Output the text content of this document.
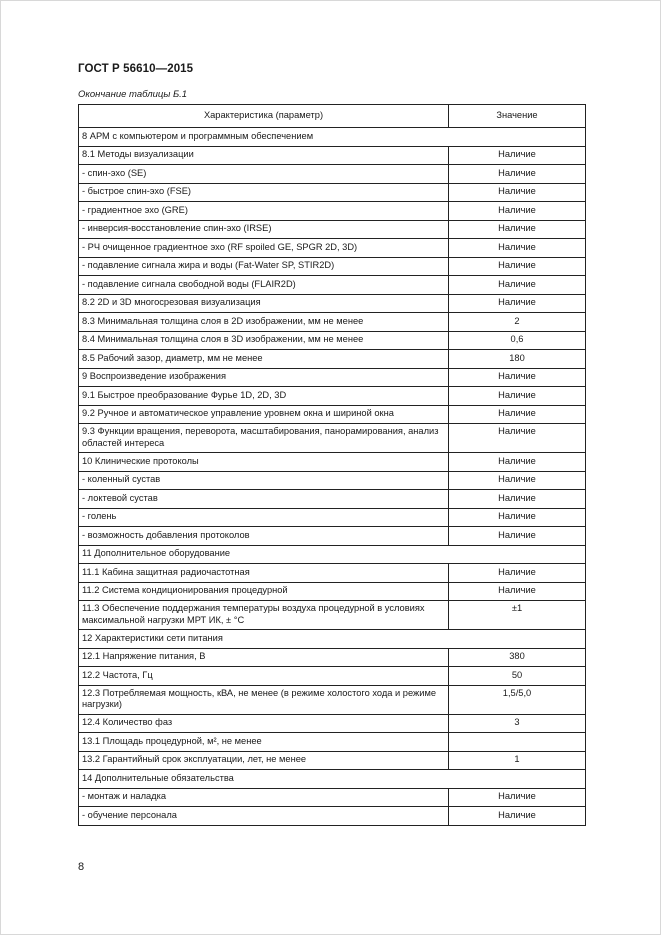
ГОСТ Р 56610—2015
Окончание таблицы Б.1
Характеристика (параметр)	Значение
8 АРМ с компьютером и программным обеспечением	
8.1 Методы визуализации	Наличие
- спин-эхо (SE)	Наличие
- быстрое спин-эхо (FSE)	Наличие
- градиентное эхо (GRE)	Наличие
- инверсия-восстановление спин-эхо (IRSE)	Наличие
- РЧ очищенное градиентное эхо (RF spoiled GE, SPGR 2D, 3D)	Наличие
- подавление сигнала жира и воды (Fat-Water SP, STIR2D)	Наличие
- подавление сигнала свободной воды (FLAIR2D)	Наличие
8.2 2D и 3D многосрезовая визуализация	Наличие
8.3 Минимальная толщина слоя в 2D изображении, мм не менее	2
8.4 Минимальная толщина слоя в 3D изображении, мм не менее	0,6
8.5 Рабочий зазор, диаметр, мм не менее	180
9 Воспроизведение изображения	Наличие
9.1 Быстрое преобразование Фурье 1D, 2D, 3D	Наличие
9.2 Ручное и автоматическое управление уровнем окна и шириной окна	Наличие
9.3 Функции вращения, переворота, масштабирования, панорамирования, анализ областей интереса	Наличие
10 Клинические протоколы	Наличие
- коленный сустав	Наличие
- локтевой сустав	Наличие
- голень	Наличие
- возможность добавления протоколов	Наличие
11 Дополнительное оборудование	
11.1 Кабина защитная радиочастотная	Наличие
11.2 Система кондиционирования процедурной	Наличие
11.3 Обеспечение поддержания температуры воздуха процедурной в условиях максимальной нагрузки МРТ ИК, ± °С	±1
12 Характеристики сети питания	
12.1 Напряжение питания, В	380
12.2 Частота, Гц	50
12.3 Потребляемая мощность, кВА, не менее (в режиме холостого хода и режиме нагрузки)	1,5/5,0
12.4 Количество фаз	3
13.1 Площадь процедурной, м², не менее	
13.2 Гарантийный срок эксплуатации, лет, не менее	1
14 Дополнительные обязательства	
- монтаж и наладка	Наличие
- обучение персонала	Наличие
8
